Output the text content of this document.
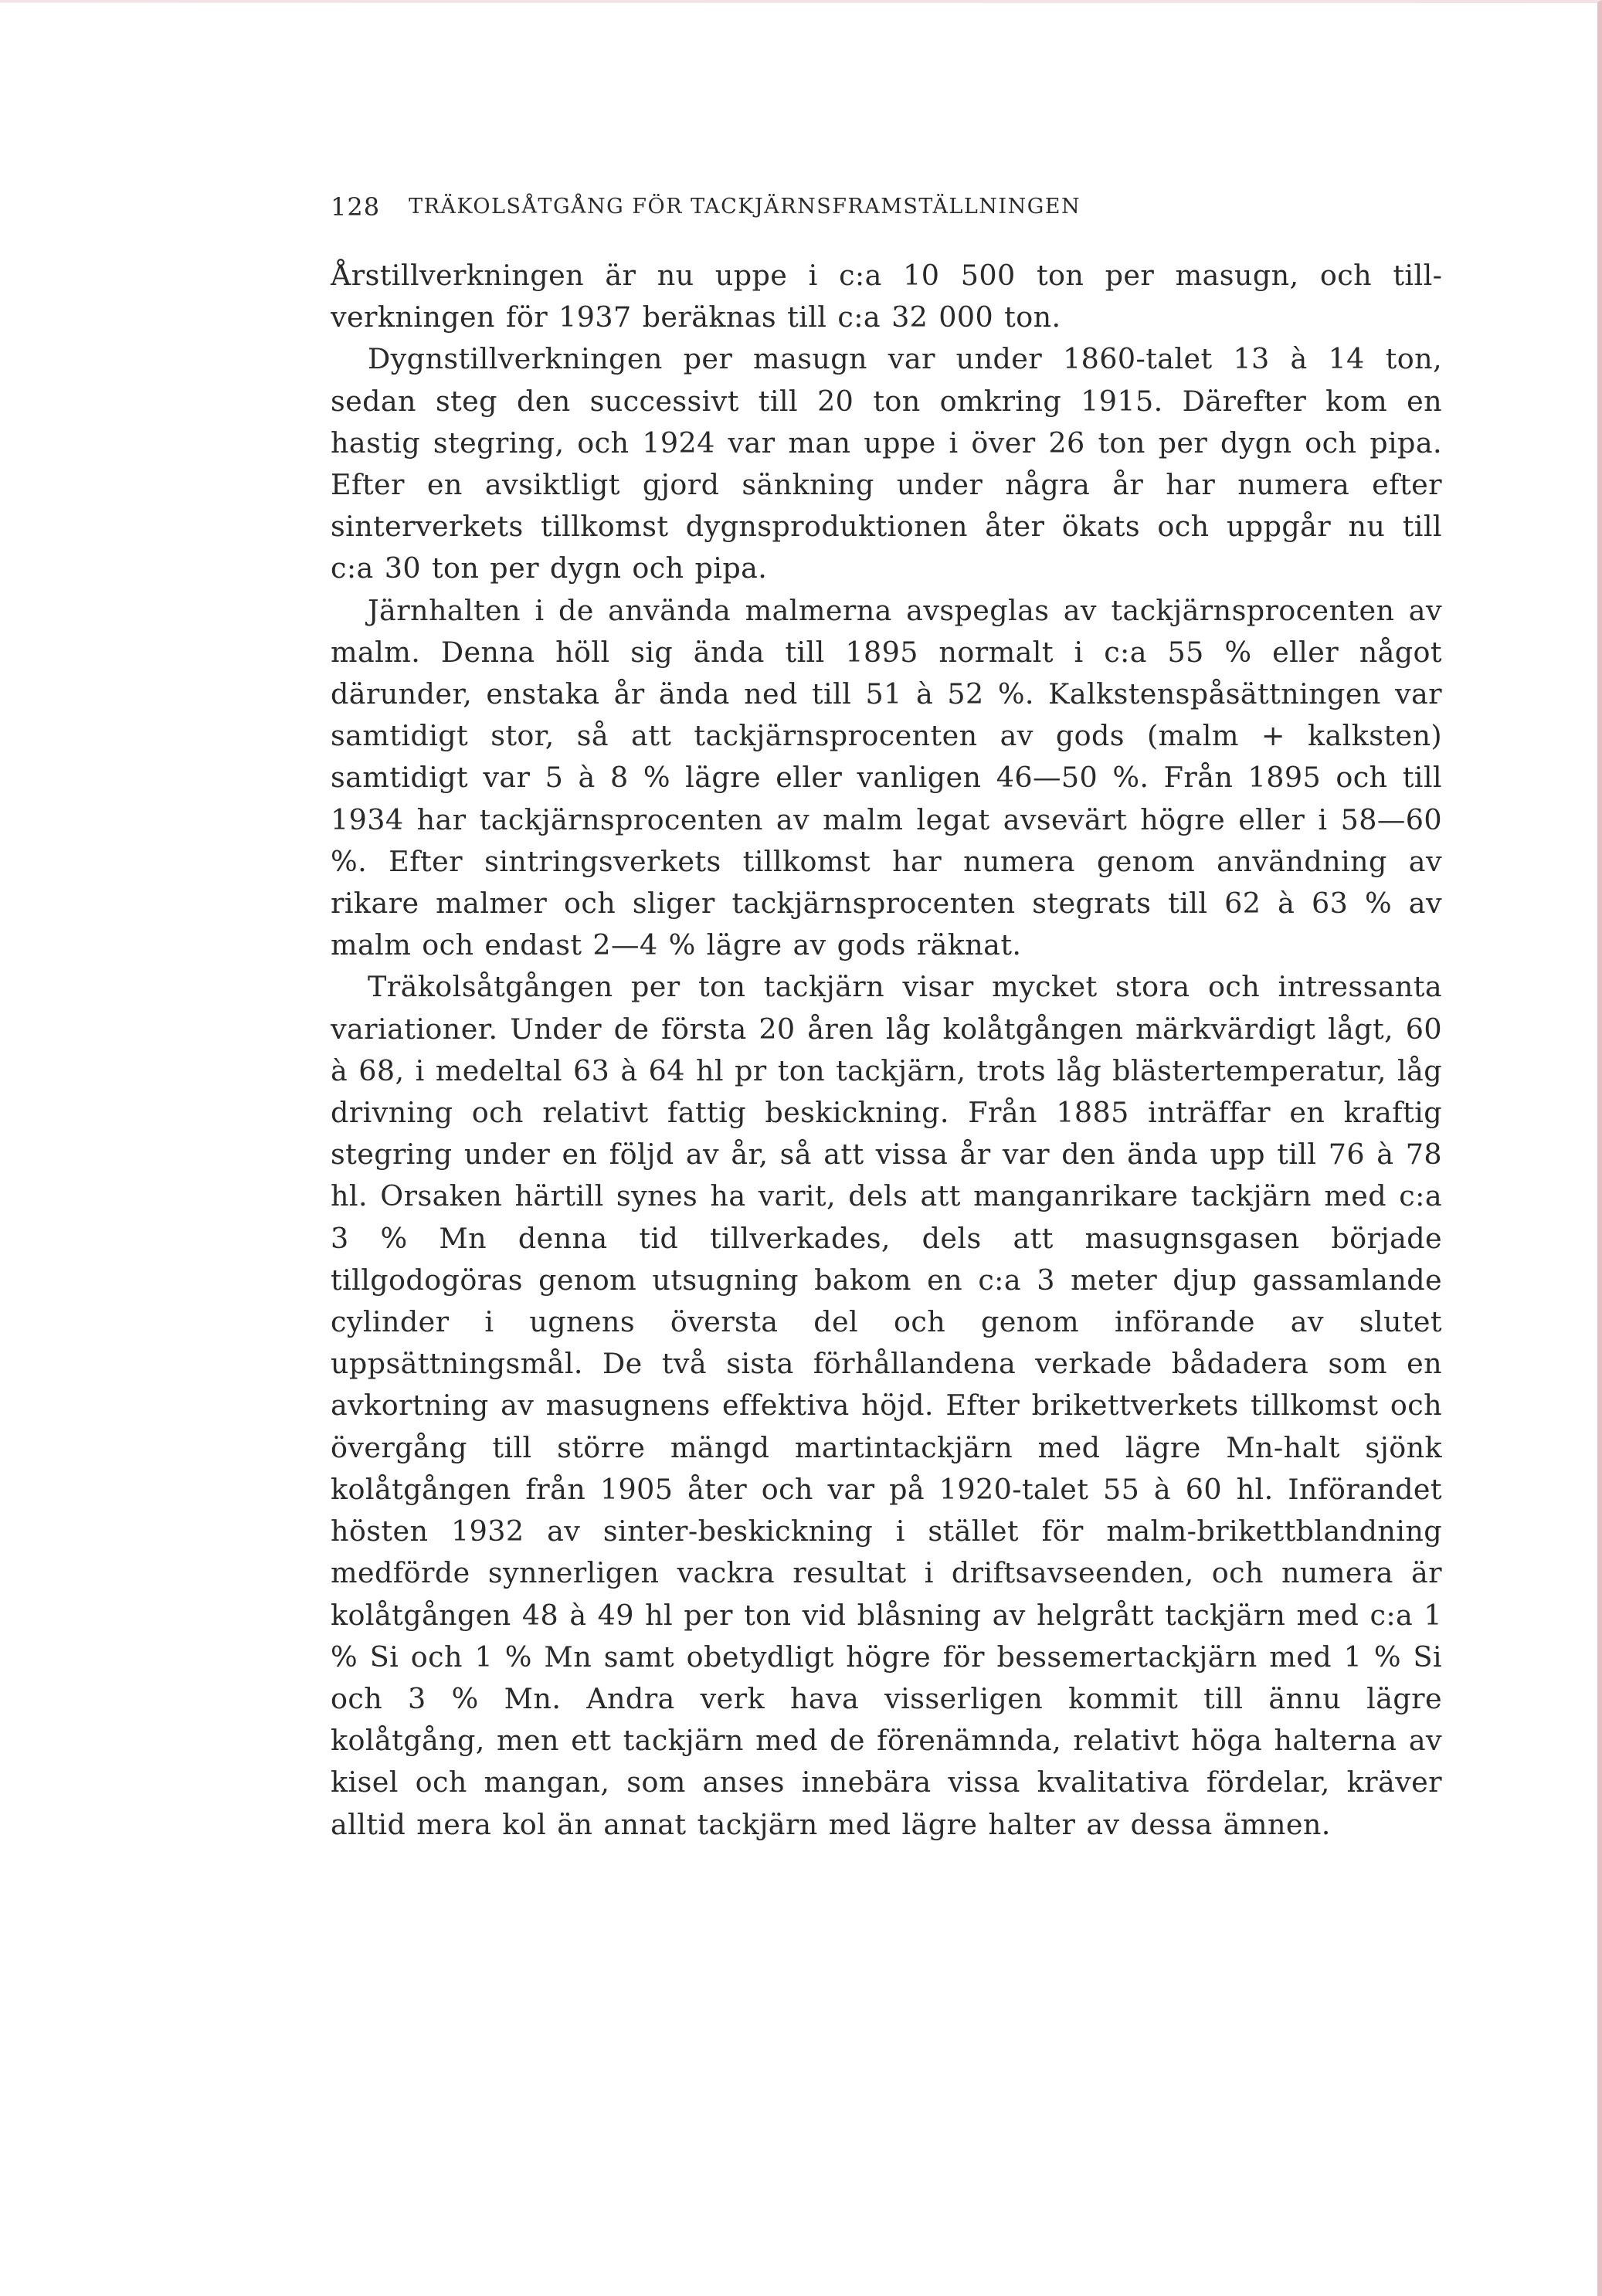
128 TRÄKOLSÅTGÅNG FÖR TACKJÄRNSFRAMSTÄLLNINGEN

Årstillverkningen är nu uppe i c:a 10 500 ton per masugn, och tillverkningen för 1937 beräknas till c:a 32 000 ton.

Dygnstillverkningen per masugn var under 1860-talet 13 à 14 ton, sedan steg den successivt till 20 ton omkring 1915. Därefter kom en hastig stegring, och 1924 var man uppe i över 26 ton per dygn och pipa. Efter en avsiktligt gjord sänkning under några år har numera efter sinterverkets tillkomst dygnsproduktionen åter ökats och uppgår nu till c:a 30 ton per dygn och pipa.

Järnhalten i de använda malmerna avspeglas av tackjärnsprocenten av malm. Denna höll sig ända till 1895 normalt i c:a 55 % eller något därunder, enstaka år ända ned till 51 à 52 %. Kalkstenspåsättningen var samtidigt stor, så att tackjärnsprocenten av gods (malm + kalksten) samtidigt var 5 à 8 % lägre eller vanligen 46—50 %. Från 1895 och till 1934 har tackjärnsprocenten av malm legat avsevärt högre eller i 58—60 %. Efter sintringsverkets tillkomst har numera genom användning av rikare malmer och sliger tackjärnsprocenten stegrats till 62 à 63 % av malm och endast 2—4 % lägre av gods räknat.

Träkolsåtgången per ton tackjärn visar mycket stora och intressanta variationer. Under de första 20 åren låg kolåtgången märkvärdigt lågt, 60 à 68, i medeltal 63 à 64 hl pr ton tackjärn, trots låg blästertemperatur, låg drivning och relativt fattig beskickning. Från 1885 inträffar en kraftig stegring under en följd av år, så att vissa år var den ända upp till 76 à 78 hl. Orsaken härtill synes ha varit, dels att manganrikare tackjärn med c:a 3 % Mn denna tid tillverkades, dels att masugnsgasen började tillgodogöras genom utsugning bakom en c:a 3 meter djup gassamlande cylinder i ugnens översta del och genom införande av slutet uppsättningsmål. De två sista förhållandena verkade bådadera som en avkortning av masugnens effektiva höjd. Efter brikettverkets tillkomst och övergång till större mängd martintackjärn med lägre Mn-halt sjönk kolåtgången från 1905 åter och var på 1920-talet 55 à 60 hl. Införandet hösten 1932 av sinter-beskickning i stället för malm-brikettblandning medförde synnerligen vackra resultat i driftsavseenden, och numera är kolåtgången 48 à 49 hl per ton vid blåsning av helgrått tackjärn med c:a 1 % Si och 1 % Mn samt obetydligt högre för bessemertackjärn med 1 % Si och 3 % Mn. Andra verk hava visserligen kommit till ännu lägre kolåtgång, men ett tackjärn med de förenämnda, relativt höga halterna av kisel och mangan, som anses innebära vissa kvalitativa fördelar, kräver alltid mera kol än annat tackjärn med lägre halter av dessa ämnen.
